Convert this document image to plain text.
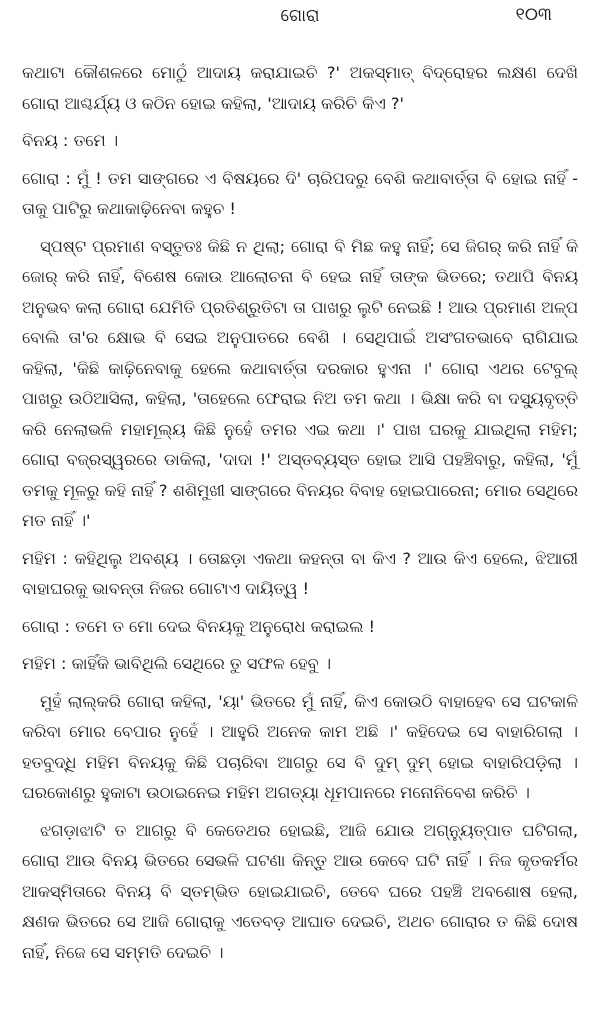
ଗୋରା	୧୦୩

କଥାଟା କୌଶଳରେ ମୋଠୁଁ ଆଦାୟ କରାଯାଇଚି ?' ଅକସ୍ମାତ୍ ବିଦ୍ରୋହର ଲକ୍ଷଣ ଦେଖି ଗୋରା ଆଶ୍ଚର୍ଯ୍ୟ ଓ କଠିନ ହୋଇ କହିଲା, 'ଆଦାୟ କରିଚି କିଏ ?'

ବିନୟ : ତମେ ।

ଗୋରା : ମୁଁ ! ତମ ସାଙ୍ଗରେ ଏ ବିଷୟରେ ଦି' ଚାରିପଦରୁ ବେଶି କଥାବାର୍ତ୍ତା ବି ହୋଇ ନାହିଁ - ତାକୁ ପାଟିରୁ କଥାକାଢ଼ିନେବା କହୁଚ !

ସ୍ପଷ୍ଟ ପ୍ରମାଣ ବସ୍ତୁତଃ କିଛି ନ ଥିଲା; ଗୋରା ବି ମିଛ କହୁ ନାହିଁ; ସେ ଜିଗର୍ କରି ନାହିଁ କି ଜୋର୍ କରି ନାହିଁ, ବିଶେଷ କୋଉ ଆଲୋଚନା ବି ହେଇ ନାହିଁ ତାଙ୍କ ଭିତରେ; ତଥାପି ବିନୟ ଅନୁଭବ କଲା ଗୋରା ଯେମିତି ପ୍ରତିଶ୍ରୁତିଟା ତା ପାଖରୁ ଲୁଟି ନେଇଛି ! ଆଉ ପ୍ରମାଣ ଅଳ୍ପ ବୋଲି ତା'ର କ୍ଷୋଭ ବି ସେଇ ଅନୁପାତରେ ବେଶି । ସେଥିପାଇଁ ଅସଂଗତଭାବେ ରାଗିଯାଇ କହିଲା, 'କିଛି କାଢ଼ିନେବାକୁ ହେଲେ କଥାବାର୍ତ୍ତା ଦରକାର ହୁଏନା ।' ଗୋରା ଏଥର ଟେବୁଲ୍ ପାଖରୁ ଉଠିଆସିଲା, କହିଲା, 'ତାହେଲେ ଫେରାଇ ନିଅ ତମ କଥା । ଭିକ୍ଷା କରି ବା ଦସ୍ୟୁବୃତ୍ତି କରି ନେଲାଭଳି ମହାମୂଲ୍ୟ କିଛି ନୁହେଁ ତମର ଏଇ କଥା ।' ପାଖ ଘରକୁ ଯାଇଥିଲା ମହିମ; ଗୋରା ବଜ୍ରସ୍ୱରରେ ଡାକିଲା, 'ଦାଦା !' ଅସ୍ତବ୍ୟସ୍ତ ହୋଇ ଆସି ପହଞ୍ଚିବାରୁ, କହିଲା, 'ମୁଁ ତମକୁ ମୂଳରୁ କହି ନାହିଁ ? ଶଶିମୁଖୀ ସାଙ୍ଗରେ ବିନୟର ବିବାହ ହୋଇପାରେନା; ମୋର ସେଥିରେ ମତ ନାହିଁ ।'

ମହିମ : କହିଥିଲୁ ଅବଶ୍ୟ । ତୋଛଡ଼ା ଏକଥା କହନ୍ତା ବା କିଏ ? ଆଉ କିଏ ହେଲେ, ଝିଆରୀ ବାହାଘରକୁ ଭାବନ୍ତା ନିଜର ଗୋଟାଏ ଦାୟିତ୍ୱ !

ଗୋରା : ତମେ ତ ମୋ ଦେଇ ବିନୟକୁ ଅନୁରୋଧ କରାଇଲ !

ମହିମ : କାହିଁକି ଭାବିଥିଲି ସେଥିରେ ତୁ ସଫଳ ହେବୁ ।

ମୁହଁ ଲାଲ୍‌କରି ଗୋରା କହିଲା, 'ୟା' ଭିତରେ ମୁଁ ନାହିଁ, କିଏ କୋଉଠି ବାହାହେବ ସେ ଘଟକାଳି କରିବା ମୋର ବେପାର ନୁହେଁ । ଆହୁରି ଅନେକ କାମ ଅଛି ।' କହିଦେଇ ସେ ବାହାରିଗଲା । ହତବୁଦ୍ଧି ମହିମ ବିନୟକୁ କିଛି ପଚାରିବା ଆଗରୁ ସେ ବି ଦୁମ୍ ଦୁମ୍ ହୋଇ ବାହାରିପଡ଼ିଲା । ଘରକୋଣରୁ ହୁକାଟା ଉଠାଇନେଇ ମହିମ ଅଗତ୍ୟା ଧୂମପାନରେ ମନୋନିବେଶ କରିଚି ।

ଝଗଡ଼ାଝାଟି ତ ଆଗରୁ ବି କେତେଥର ହୋଇଛି, ଆଜି ଯୋଉ ଅଗ୍ନ୍ୟୁତ୍ପାତ ଘଟିଗଲା, ଗୋରା ଆଉ ବିନୟ ଭିତରେ ସେଭଳି ଘଟଣା କିନ୍ତୁ ଆଉ କେବେ ଘଟି ନାହିଁ । ନିଜ କୃତକର୍ମର ଆକସ୍ମିତାରେ ବିନୟ ବି ସ୍ତମ୍ଭିତ ହୋଇଯାଇଚି, ତେବେ ଘରେ ପହଞ୍ଚି ଅବଶୋଷ ହେଲା, କ୍ଷଣକ ଭିତରେ ସେ ଆଜି ଗୋରାକୁ ଏତେବଡ଼ ଆଘାତ ଦେଇଚି, ଅଥଚ ଗୋରାର ତ କିଛି ଦୋଷ ନାହିଁ, ନିଜେ ସେ ସମ୍ମତି ଦେଇଚି ।
